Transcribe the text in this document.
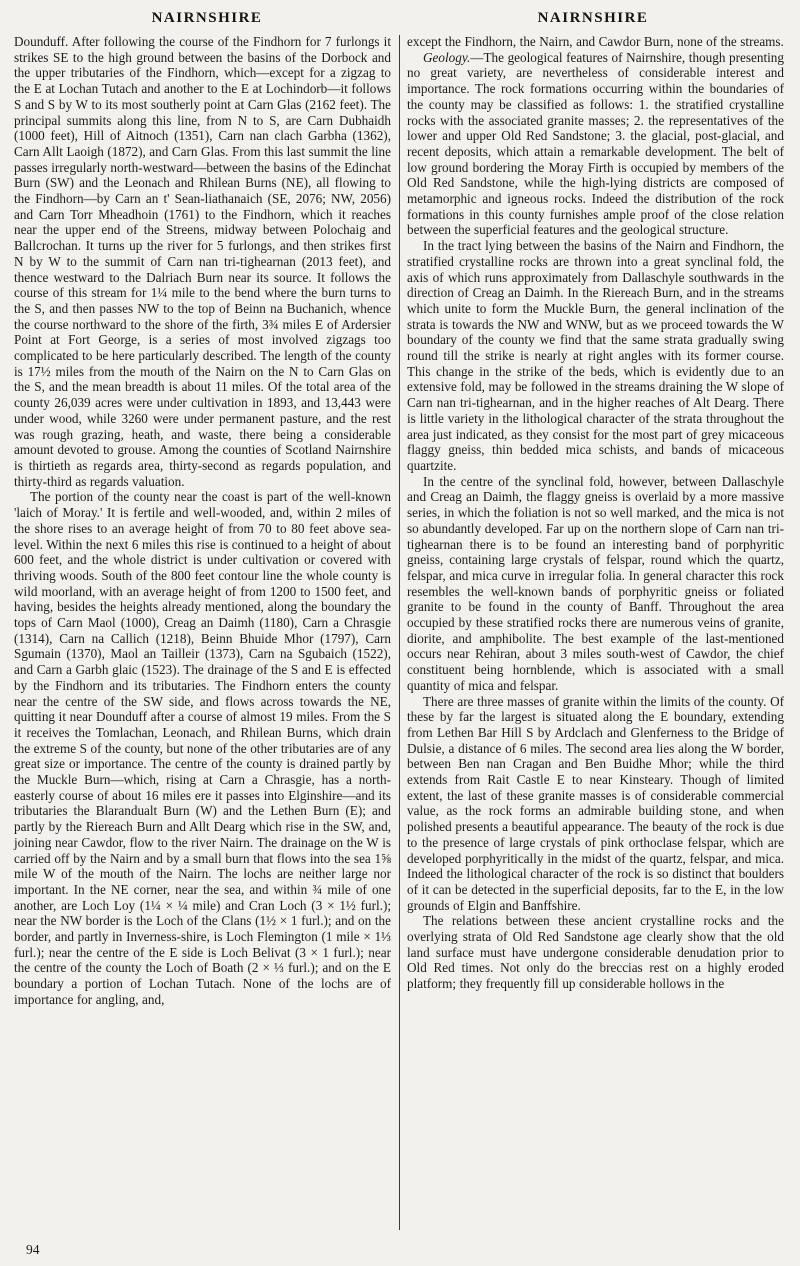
NAIRNSHIRE	NAIRNSHIRE

Dounduff. After following the course of the Findhorn for 7 furlongs it strikes SE to the high ground between the basins of the Dorbock and the upper tributaries of the Findhorn, which—except for a zigzag to the E at Lochan Tutach and another to the E at Lochindorb—it follows S and S by W to its most southerly point at Carn Glas (2162 feet). The principal summits along this line, from N to S, are Carn Dubhaidh (1000 feet), Hill of Aitnoch (1351), Carn nan clach Garbha (1362), Carn Allt Laoigh (1872), and Carn Glas. From this last summit the line passes irregularly north-westward—between the basins of the Edinchat Burn (SW) and the Leonach and Rhilean Burns (NE), all flowing to the Findhorn—by Carn an t' Sean-liathanaich (SE, 2076; NW, 2056) and Carn Torr Mheadhoin (1761) to the Findhorn, which it reaches near the upper end of the Streens, midway between Polochaig and Ballcrochan. It turns up the river for 5 furlongs, and then strikes first N by W to the summit of Carn nan tri-tighearnan (2013 feet), and thence westward to the Dalriach Burn near its source. It follows the course of this stream for 1¼ mile to the bend where the burn turns to the S, and then passes NW to the top of Beinn na Buchanich, whence the course northward to the shore of the firth, 3¾ miles E of Ardersier Point at Fort George, is a series of most involved zigzags too complicated to be here particularly described. The length of the county is 17½ miles from the mouth of the Nairn on the N to Carn Glas on the S, and the mean breadth is about 11 miles. Of the total area of the county 26,039 acres were under cultivation in 1893, and 13,443 were under wood, while 3260 were under permanent pasture, and the rest was rough grazing, heath, and waste, there being a considerable amount devoted to grouse. Among the counties of Scotland Nairnshire is thirtieth as regards area, thirty-second as regards population, and thirty-third as regards valuation.

The portion of the county near the coast is part of the well-known 'laich of Moray.' It is fertile and well-wooded, and, within 2 miles of the shore rises to an average height of from 70 to 80 feet above sea-level. Within the next 6 miles this rise is continued to a height of about 600 feet, and the whole district is under cultivation or covered with thriving woods. South of the 800 feet contour line the whole county is wild moorland, with an average height of from 1200 to 1500 feet, and having, besides the heights already mentioned, along the boundary the tops of Carn Maol (1000), Creag an Daimh (1180), Carn a Chrasgie (1314), Carn na Callich (1218), Beinn Bhuide Mhor (1797), Carn Sgumain (1370), Maol an Tailleir (1373), Carn na Sgubaich (1522), and Carn a Garbh glaic (1523). The drainage of the S and E is effected by the Findhorn and its tributaries. The Findhorn enters the county near the centre of the SW side, and flows across towards the NE, quitting it near Dounduff after a course of almost 19 miles. From the S it receives the Tomlachan, Leonach, and Rhilean Burns, which drain the extreme S of the county, but none of the other tributaries are of any great size or importance. The centre of the county is drained partly by the Muckle Burn—which, rising at Carn a Chrasgie, has a north-easterly course of about 16 miles ere it passes into Elginshire—and its tributaries the Blarandualt Burn (W) and the Lethen Burn (E); and partly by the Riereach Burn and Allt Dearg which rise in the SW, and, joining near Cawdor, flow to the river Nairn. The drainage on the W is carried off by the Nairn and by a small burn that flows into the sea 1⅝ mile W of the mouth of the Nairn. The lochs are neither large nor important. In the NE corner, near the sea, and within ¾ mile of one another, are Loch Loy (1¼ × ¼ mile) and Cran Loch (3 × 1½ furl.); near the NW border is the Loch of the Clans (1½ × 1 furl.); and on the border, and partly in Inverness-shire, is Loch Flemington (1 mile × 1⅓ furl.); near the centre of the E side is Loch Belivat (3 × 1 furl.); near the centre of the county the Loch of Boath (2 × ⅓ furl.); and on the E boundary a portion of Lochan Tutach. None of the lochs are of importance for angling, and,

except the Findhorn, the Nairn, and Cawdor Burn, none of the streams.

Geology.—The geological features of Nairnshire, though presenting no great variety, are nevertheless of considerable interest and importance. The rock formations occurring within the boundaries of the county may be classified as follows: 1. the stratified crystalline rocks with the associated granite masses; 2. the representatives of the lower and upper Old Red Sandstone; 3. the glacial, post-glacial, and recent deposits, which attain a remarkable development. The belt of low ground bordering the Moray Firth is occupied by members of the Old Red Sandstone, while the high-lying districts are composed of metamorphic and igneous rocks. Indeed the distribution of the rock formations in this county furnishes ample proof of the close relation between the superficial features and the geological structure.

In the tract lying between the basins of the Nairn and Findhorn, the stratified crystalline rocks are thrown into a great synclinal fold, the axis of which runs approximately from Dallaschyle southwards in the direction of Creag an Daimh. In the Riereach Burn, and in the streams which unite to form the Muckle Burn, the general inclination of the strata is towards the NW and WNW, but as we proceed towards the W boundary of the county we find that the same strata gradually swing round till the strike is nearly at right angles with its former course. This change in the strike of the beds, which is evidently due to an extensive fold, may be followed in the streams draining the W slope of Carn nan tri-tighearnan, and in the higher reaches of Alt Dearg. There is little variety in the lithological character of the strata throughout the area just indicated, as they consist for the most part of grey micaceous flaggy gneiss, thin bedded mica schists, and bands of micaceous quartzite.

In the centre of the synclinal fold, however, between Dallaschyle and Creag an Daimh, the flaggy gneiss is overlaid by a more massive series, in which the foliation is not so well marked, and the mica is not so abundantly developed. Far up on the northern slope of Carn nan tri-tighearnan there is to be found an interesting band of porphyritic gneiss, containing large crystals of felspar, round which the quartz, felspar, and mica curve in irregular folia. In general character this rock resembles the well-known bands of porphyritic gneiss or foliated granite to be found in the county of Banff. Throughout the area occupied by these stratified rocks there are numerous veins of granite, diorite, and amphibolite. The best example of the last-mentioned occurs near Rehiran, about 3 miles south-west of Cawdor, the chief constituent being hornblende, which is associated with a small quantity of mica and felspar.

There are three masses of granite within the limits of the county. Of these by far the largest is situated along the E boundary, extending from Lethen Bar Hill S by Ardclach and Glenferness to the Bridge of Dulsie, a distance of 6 miles. The second area lies along the W border, between Ben nan Cragan and Ben Buidhe Mhor; while the third extends from Rait Castle E to near Kinsteary. Though of limited extent, the last of these granite masses is of considerable commercial value, as the rock forms an admirable building stone, and when polished presents a beautiful appearance. The beauty of the rock is due to the presence of large crystals of pink orthoclase felspar, which are developed porphyritically in the midst of the quartz, felspar, and mica. Indeed the lithological character of the rock is so distinct that boulders of it can be detected in the superficial deposits, far to the E, in the low grounds of Elgin and Banffshire.

The relations between these ancient crystalline rocks and the overlying strata of Old Red Sandstone age clearly show that the old land surface must have undergone considerable denudation prior to Old Red times. Not only do the breccias rest on a highly eroded platform; they frequently fill up considerable hollows in the

94
